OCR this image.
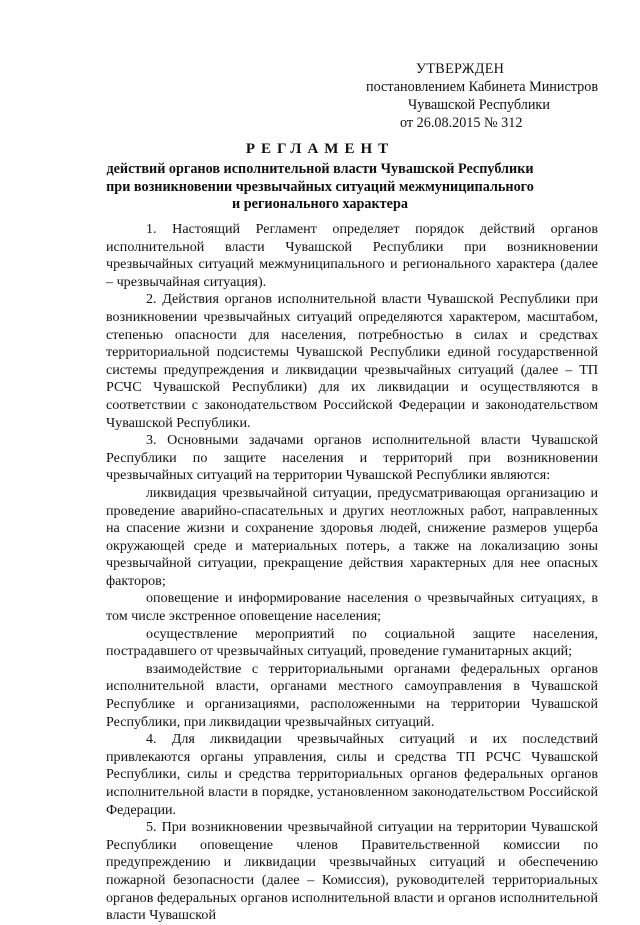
УТВЕРЖДЕН
постановлением Кабинета Министров
Чувашской Республики
от 26.08.2015 № 312
РЕГЛАМЕНТ
действий органов исполнительной власти Чувашской Республики
при возникновении чрезвычайных ситуаций межмуниципального
и регионального характера

1. Настоящий Регламент определяет порядок действий органов исполнительной власти Чувашской Республики при возникновении чрезвычайных ситуаций межмуниципального и регионального характера (далее – чрезвычайная ситуация).

2. Действия органов исполнительной власти Чувашской Республики при возникновении чрезвычайных ситуаций определяются характером, масштабом, степенью опасности для населения, потребностью в силах и средствах территориальной подсистемы Чувашской Республики единой государственной системы предупреждения и ликвидации чрезвычайных ситуаций (далее – ТП РСЧС Чувашской Республики) для их ликвидации и осуществляются в соответствии с законодательством Российской Федерации и законодательством Чувашской Республики.

3. Основными задачами органов исполнительной власти Чувашской Республики по защите населения и территорий при возникновении чрезвычайных ситуаций на территории Чувашской Республики являются:

ликвидация чрезвычайной ситуации, предусматривающая организацию и проведение аварийно-спасательных и других неотложных работ, направленных на спасение жизни и сохранение здоровья людей, снижение размеров ущерба окружающей среде и материальных потерь, а также на локализацию зоны чрезвычайной ситуации, прекращение действия характерных для нее опасных факторов;

оповещение и информирование населения о чрезвычайных ситуациях, в том числе экстренное оповещение населения;

осуществление мероприятий по социальной защите населения, пострадавшего от чрезвычайных ситуаций, проведение гуманитарных акций;

взаимодействие с территориальными органами федеральных органов исполнительной власти, органами местного самоуправления в Чувашской Республике и организациями, расположенными на территории Чувашской Республики, при ликвидации чрезвычайных ситуаций.

4. Для ликвидации чрезвычайных ситуаций и их последствий привлекаются органы управления, силы и средства ТП РСЧС Чувашской Республики, силы и средства территориальных органов федеральных органов исполнительной власти в порядке, установленном законодательством Российской Федерации.

5. При возникновении чрезвычайной ситуации на территории Чувашской Республики оповещение членов Правительственной комиссии по предупреждению и ликвидации чрезвычайных ситуаций и обеспечению пожарной безопасности (далее – Комиссия), руководителей территориальных органов федеральных органов исполнительной власти и органов исполнительной власти Чувашской
